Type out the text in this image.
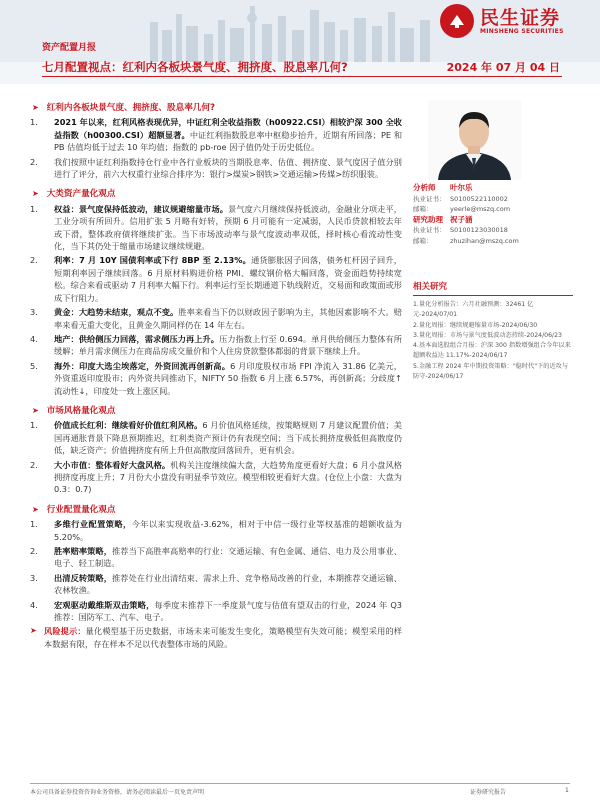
民生证券
MINSHENG SECURITIES
资产配置月报
七月配置视点：红利内各板块景气度、拥挤度、股息率几何?	2024 年 07 月 04 日
➤ 红利内各板块景气度、拥挤度、股息率几何?
1.	2021 年以来，红利风格表现优异，中证红利全收益指数（h00922.CSI）相较沪深 300 全收益指数（h00300.CSI）超额显著。中证红利指数股息率中枢稳步抬升，近期有所回落；PE 和 PB 估值均低于过去 10 年均值；指数的 pb-roe 因子值仍处于历史低位。
2.	我们按照中证红利指数持仓行业中各行业板块的当期股息率、估值、拥挤度、景气度因子值分别进行了评分，前六大权重行业综合排序为：银行>煤炭>钢铁>交通运输>传媒>纺织服装。
➤ 大类资产量化观点
1.	权益：景气度保持低波动，建议规避缩量市场。景气度六月继续保持低波动，金融业分项走平，工业分项有所回升。信用扩张 5 月略有好转，预期 6 月可能有一定减弱，人民币贷款相较去年或下滑，整体政府债将继续扩张。当下市场波动率与景气度波动率双低，择时核心看流动性变化，当下其仍处于缩量市场建议继续规避。
2.	利率：7 月 10Y 国债利率或下行 8BP 至 2.13%。通货膨胀因子回落，债务杠杆因子回升，短期利率因子继续回落。6 月原材料购进价格 PMI、螺纹钢价格大幅回落，资金面趋势持续宽松。综合来看或驱动 7 月利率大幅下行。利率运行至长期通道下轨线附近，交易面和政策面或形成下行阻力。
3.	黄金：大趋势未结束，观点不变。胜率来看当下仍以财政因子影响为主，其他因素影响不大。赔率来看无重大变化，且黄金久期同样仍在 14 年左右。
4.	地产：供给侧压力回落，需求侧压力再上升。压力指数上行至 0.694。单月供给侧压力整体有所缓解；单月需求侧压力在商品房成交量价和个人住房贷款整体都弱的背景下继续上升。
5.	海外：印度大选尘埃落定，外资回流再创新高。6 月印度股权市场 FPI 净流入 31.86 亿美元，外资重返印度股市；内外资共同推动下，NIFTY 50 指数 6 月上涨 6.57%，再创新高；分歧度↑流动性↓，印度处一致上涨区间。
➤ 市场风格量化观点
1.	价值成长红利：继续看好价值红利风格。6 月价值风格延续，按策略规则 7 月建议配置价值；美国再通胀背景下降息预期推迟，红利类资产预计仍有表现空间；当下成长拥挤度极低但高散度仍低，缺乏资产；价值拥挤度有所上升但高散度回落回升，更有机会。
2.	大小市值：整体看好大盘风格。机构关注度继续偏大盘，大趋势角度更看好大盘；6 月小盘风格拥挤度再度上升；7 月份大小盘没有明显季节效应。模型相较更看好大盘。(仓位上小盘：大盘为 0.3：0.7)
➤ 行业配置量化观点
1.	多维行业配置策略，今年以来实现收益-3.62%，相对于中信一级行业等权基准的超额收益为 5.20%。
2.	胜率赔率策略，推荐当下高胜率高赔率的行业：交通运输、有色金属、通信、电力及公用事业、电子、轻工制造。
3.	出清反转策略，推荐处在行业出清结束、需求上升、竞争格局改善的行业，本期推荐交通运输、农林牧渔。
4.	宏观驱动戴维斯双击策略，每季度末推荐下一季度景气度与估值有望双击的行业，2024 年 Q3 推荐：国防军工、汽车、电子。
➤ 风险提示：量化模型基于历史数据，市场未来可能发生变化，策略模型有失效可能；模型采用的样本数据有限，存在样本不足以代表整体市场的风险。
分析师	叶尔乐
执业证书： S0100522110002
邮箱：	yeerle@mszq.com
研究助理 祝子涵
执业证书： S0100123030018
邮箱：	zhuzihan@mszq.com
相关研究
1.量化分析报告：六月社融预测：32461 亿元-2024/07/01
2.量化周报：继续规避缩量市场-2024/06/30
3.量化周报：市场与景气度低波动态持续-2024/06/23
4.基本面选股组合月报：沪深 300 指数增强组合今年以来超额收益达 11.17%-2024/06/17
5.金融工程 2024 年中期投资策略："稳时代"下的近攻与防守-2024/06/17
本公司具备证券投资咨询业务资格，请务必阅读最后一页免责声明	证券研究报告	1
